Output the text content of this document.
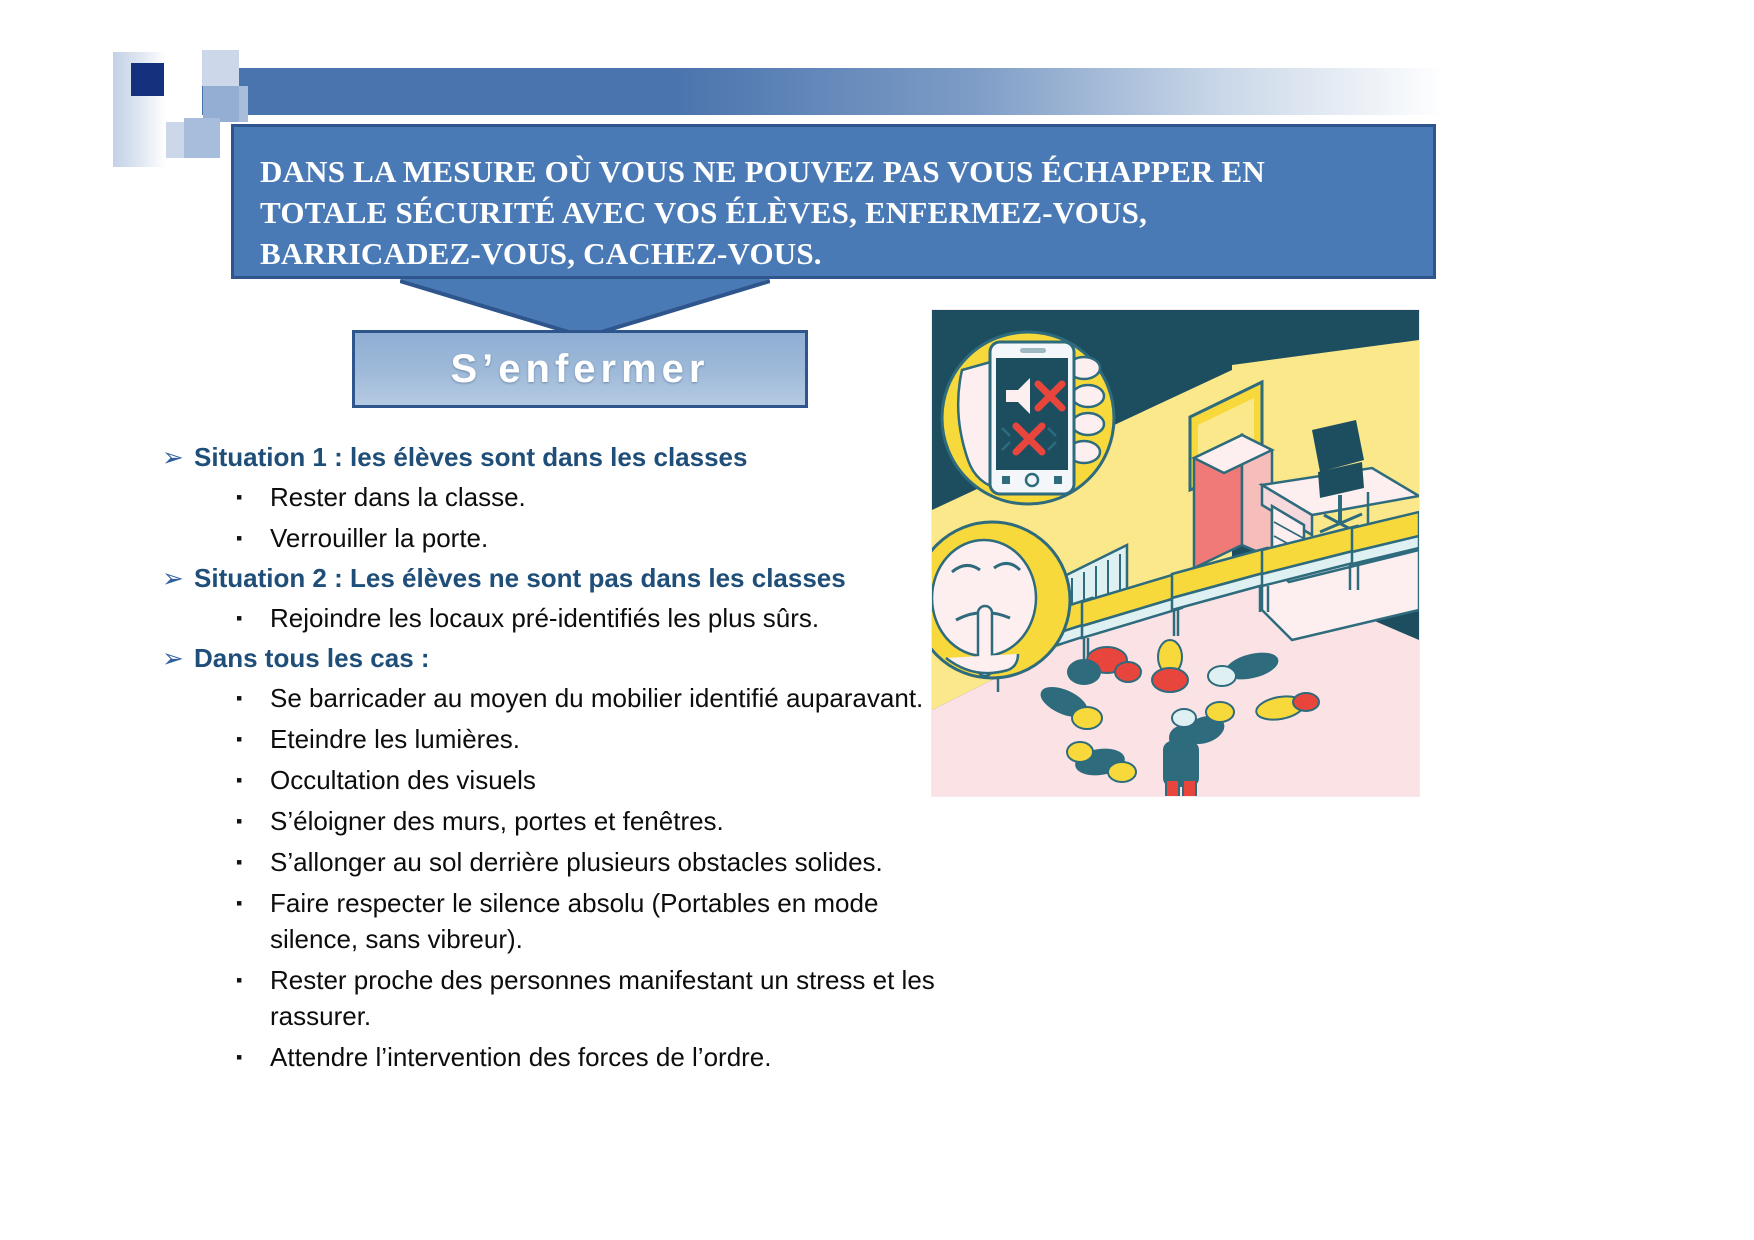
DANS LA MESURE OÙ VOUS NE POUVEZ PAS VOUS ÉCHAPPER EN
TOTALE SÉCURITÉ AVEC VOS ÉLÈVES, ENFERMEZ-VOUS,
BARRICADEZ-VOUS, CACHEZ-VOUS.
S’enfermer
➢ Situation 1 : les élèves sont dans les classes
▪	Rester dans la classe.
▪	Verrouiller la porte.
➢ Situation 2 : Les élèves ne sont pas dans les classes
▪	Rejoindre les locaux pré-identifiés les plus sûrs.
➢ Dans tous les cas :
▪	Se barricader au moyen du mobilier identifié auparavant.
▪	Eteindre les lumières.
▪	Occultation des visuels
▪	S’éloigner des murs, portes et fenêtres.
▪	S’allonger au sol derrière plusieurs obstacles solides.
▪	Faire respecter le silence absolu (Portables en mode silence, sans vibreur).
▪	Rester proche des personnes manifestant un stress et les rassurer.
▪	Attendre l’intervention des forces de l’ordre.
